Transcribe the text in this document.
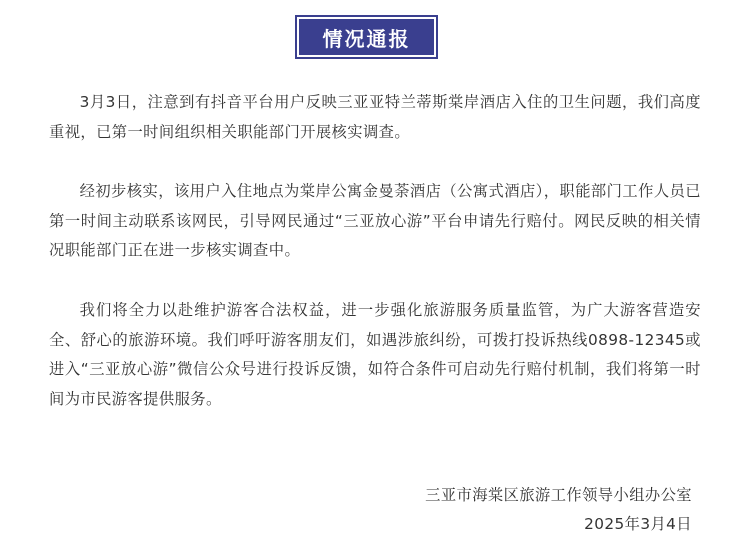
情况通报

3月3日，注意到有抖音平台用户反映三亚亚特兰蒂斯棠岸酒店入住的卫生问题，我们高度重视，已第一时间组织相关职能部门开展核实调查。

经初步核实，该用户入住地点为棠岸公寓金曼荼酒店（公寓式酒店），职能部门工作人员已第一时间主动联系该网民，引导网民通过“三亚放心游”平台申请先行赔付。网民反映的相关情况职能部门正在进一步核实调查中。

我们将全力以赴维护游客合法权益，进一步强化旅游服务质量监管，为广大游客营造安全、舒心的旅游环境。我们呼吁游客朋友们，如遇涉旅纠纷，可拨打投诉热线0898-12345或进入“三亚放心游”微信公众号进行投诉反馈，如符合条件可启动先行赔付机制，我们将第一时间为市民游客提供服务。

三亚市海棠区旅游工作领导小组办公室
2025年3月4日
